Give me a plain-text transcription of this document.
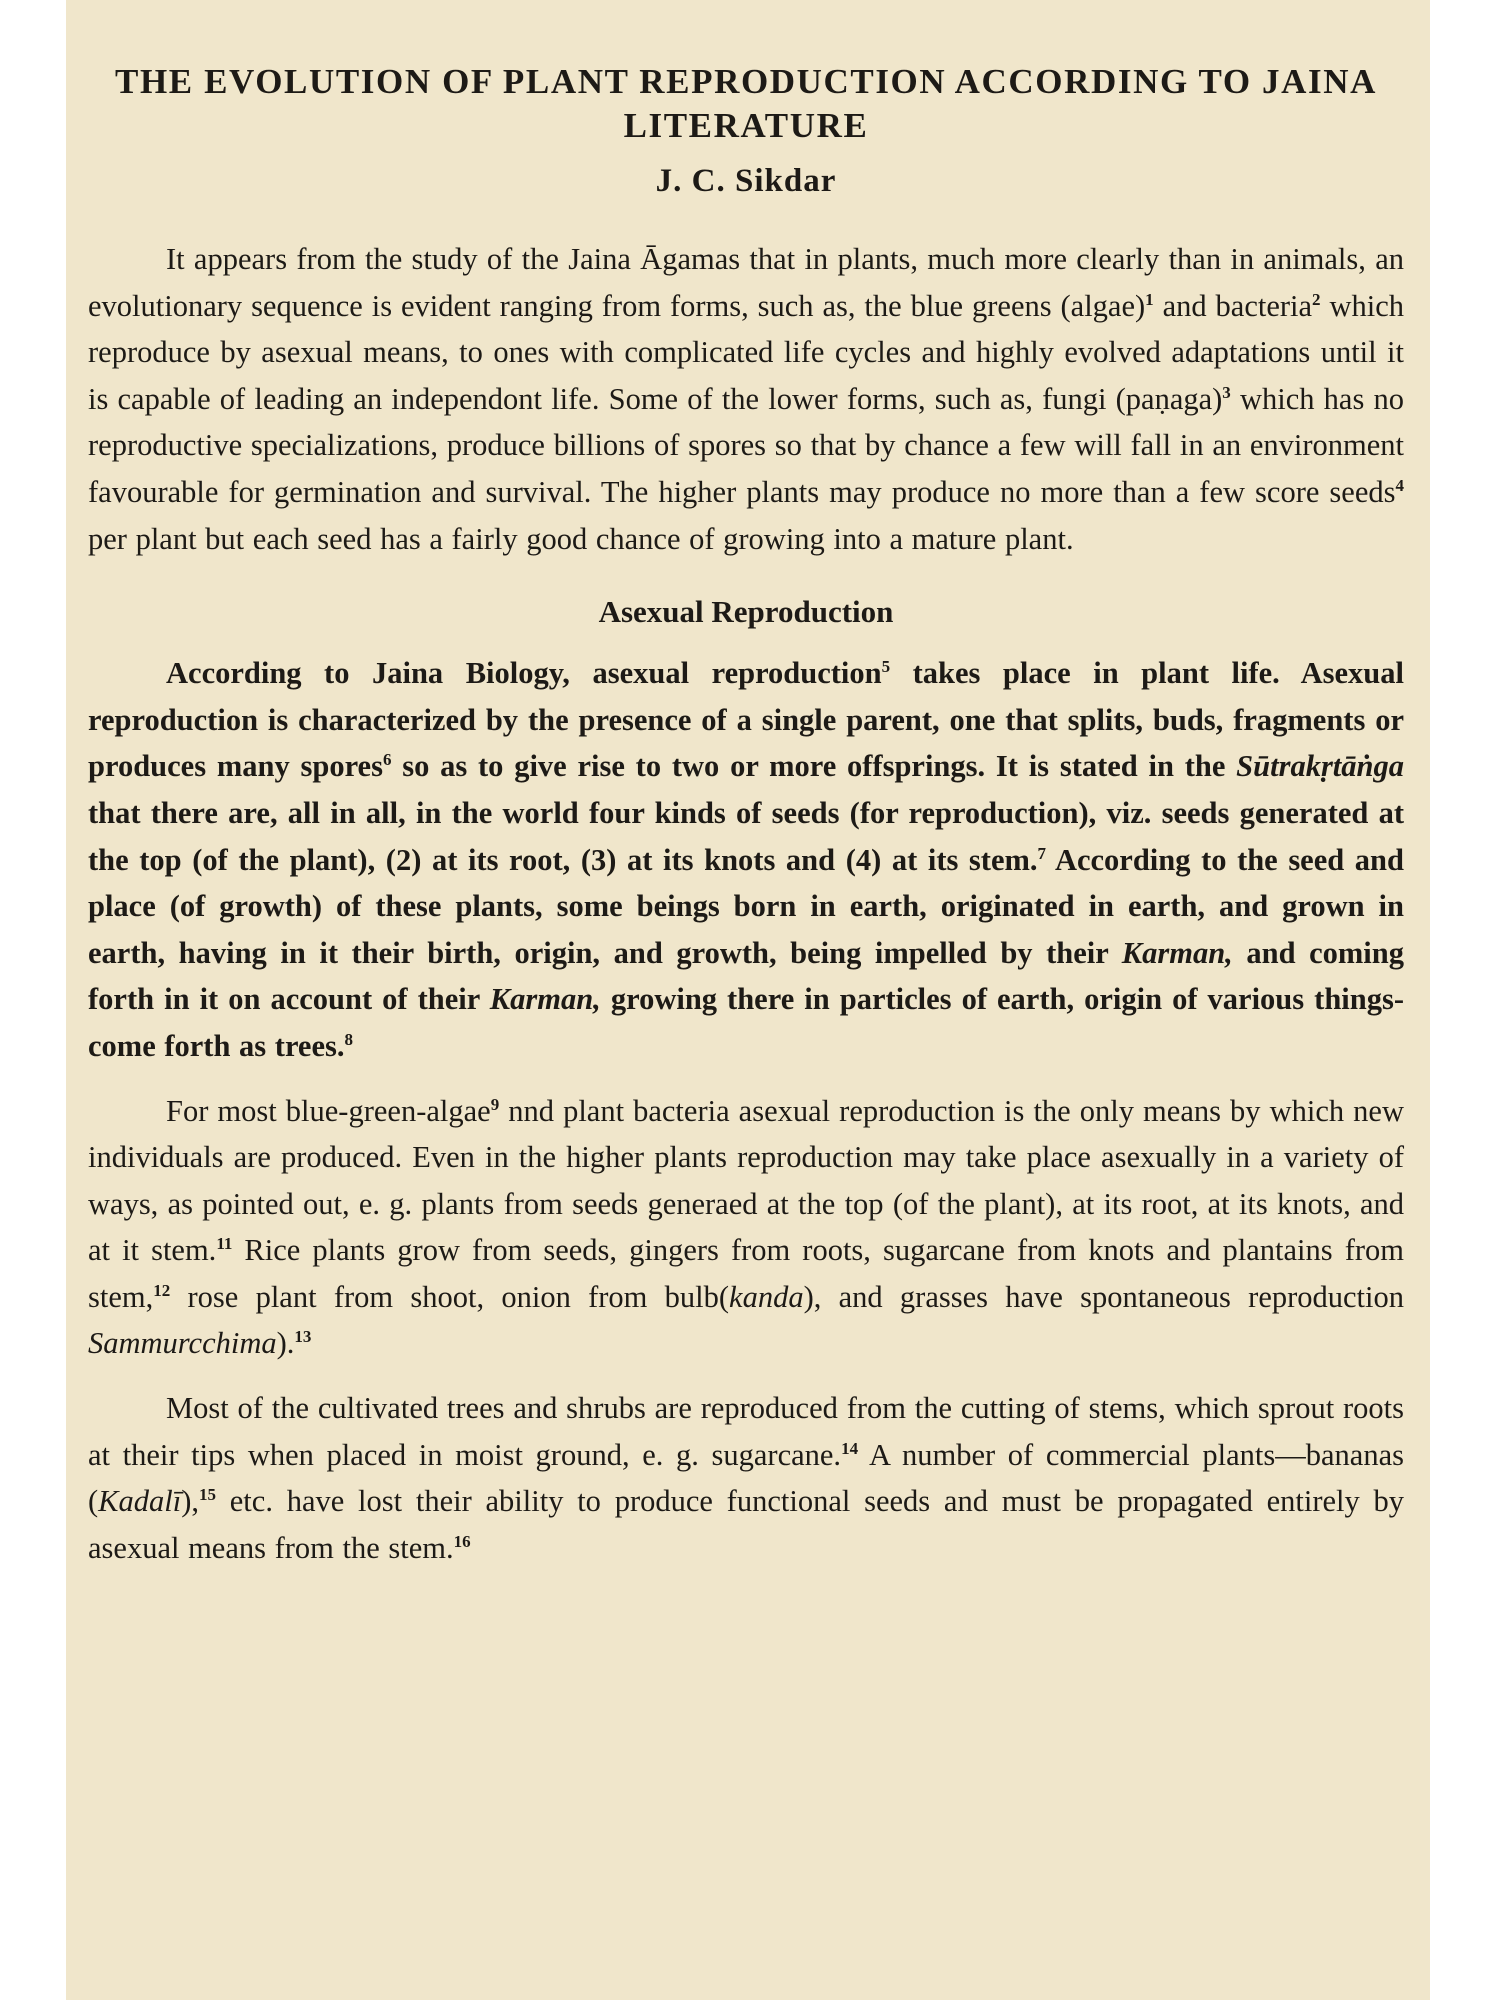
THE EVOLUTION OF PLANT REPRODUCTION ACCORDING TO JAINA LITERATURE
J. C. Sikdar

It appears from the study of the Jaina Āgamas that in plants, much more clearly than in animals, an evolutionary sequence is evident ranging from forms, such as, the blue greens (algae)$^1$ and bacteria$^2$ which reproduce by asexual means, to ones with complicated life cycles and highly evolved adaptations until it is capable of leading an independont life. Some of the lower forms, such as, fungi (paṇaga)$^3$ which has no reproductive specializations, produce billions of spores so that by chance a few will fall in an environment favourable for germination and survival. The higher plants may produce no more than a few score seeds$^4$ per plant but each seed has a fairly good chance of growing into a mature plant.

Asexual Reproduction

According to Jaina Biology, asexual reproduction$^5$ takes place in plant life. Asexual reproduction is characterized by the presence of a single parent, one that splits, buds, fragments or produces many spores$^6$ so as to give rise to two or more offsprings. It is stated in the Sūtrakṛtāṅga that there are, all in all, in the world four kinds of seeds (for reproduction), viz. seeds generated at the top (of the plant), (2) at its root, (3) at its knots and (4) at its stem.$^7$ According to the seed and place (of growth) of these plants, some beings born in earth, originated in earth, and grown in earth, having in it their birth, origin, and growth, being impelled by their Karman, and coming forth in it on account of their Karman, growing there in particles of earth, origin of various things-come forth as trees.$^8$

For most blue-green-algae$^9$ nnd plant bacteria asexual reproduction is the only means by which new individuals are produced. Even in the higher plants reproduction may take place asexually in a variety of ways, as pointed out, e. g. plants from seeds generaed at the top (of the plant), at its root, at its knots, and at it stem.$^{11}$ Rice plants grow from seeds, gingers from roots, sugarcane from knots and plantains from stem,$^{12}$ rose plant from shoot, onion from bulb(kanda), and grasses have spontaneous reproduction Sammurcchima).$^{13}$

Most of the cultivated trees and shrubs are reproduced from the cutting of stems, which sprout roots at their tips when placed in moist ground, e. g. sugarcane.$^{14}$ A number of commercial plants—bananas (Kadalī),$^{15}$ etc. have lost their ability to produce functional seeds and must be propagated entirely by asexual means from the stem.$^{16}$
